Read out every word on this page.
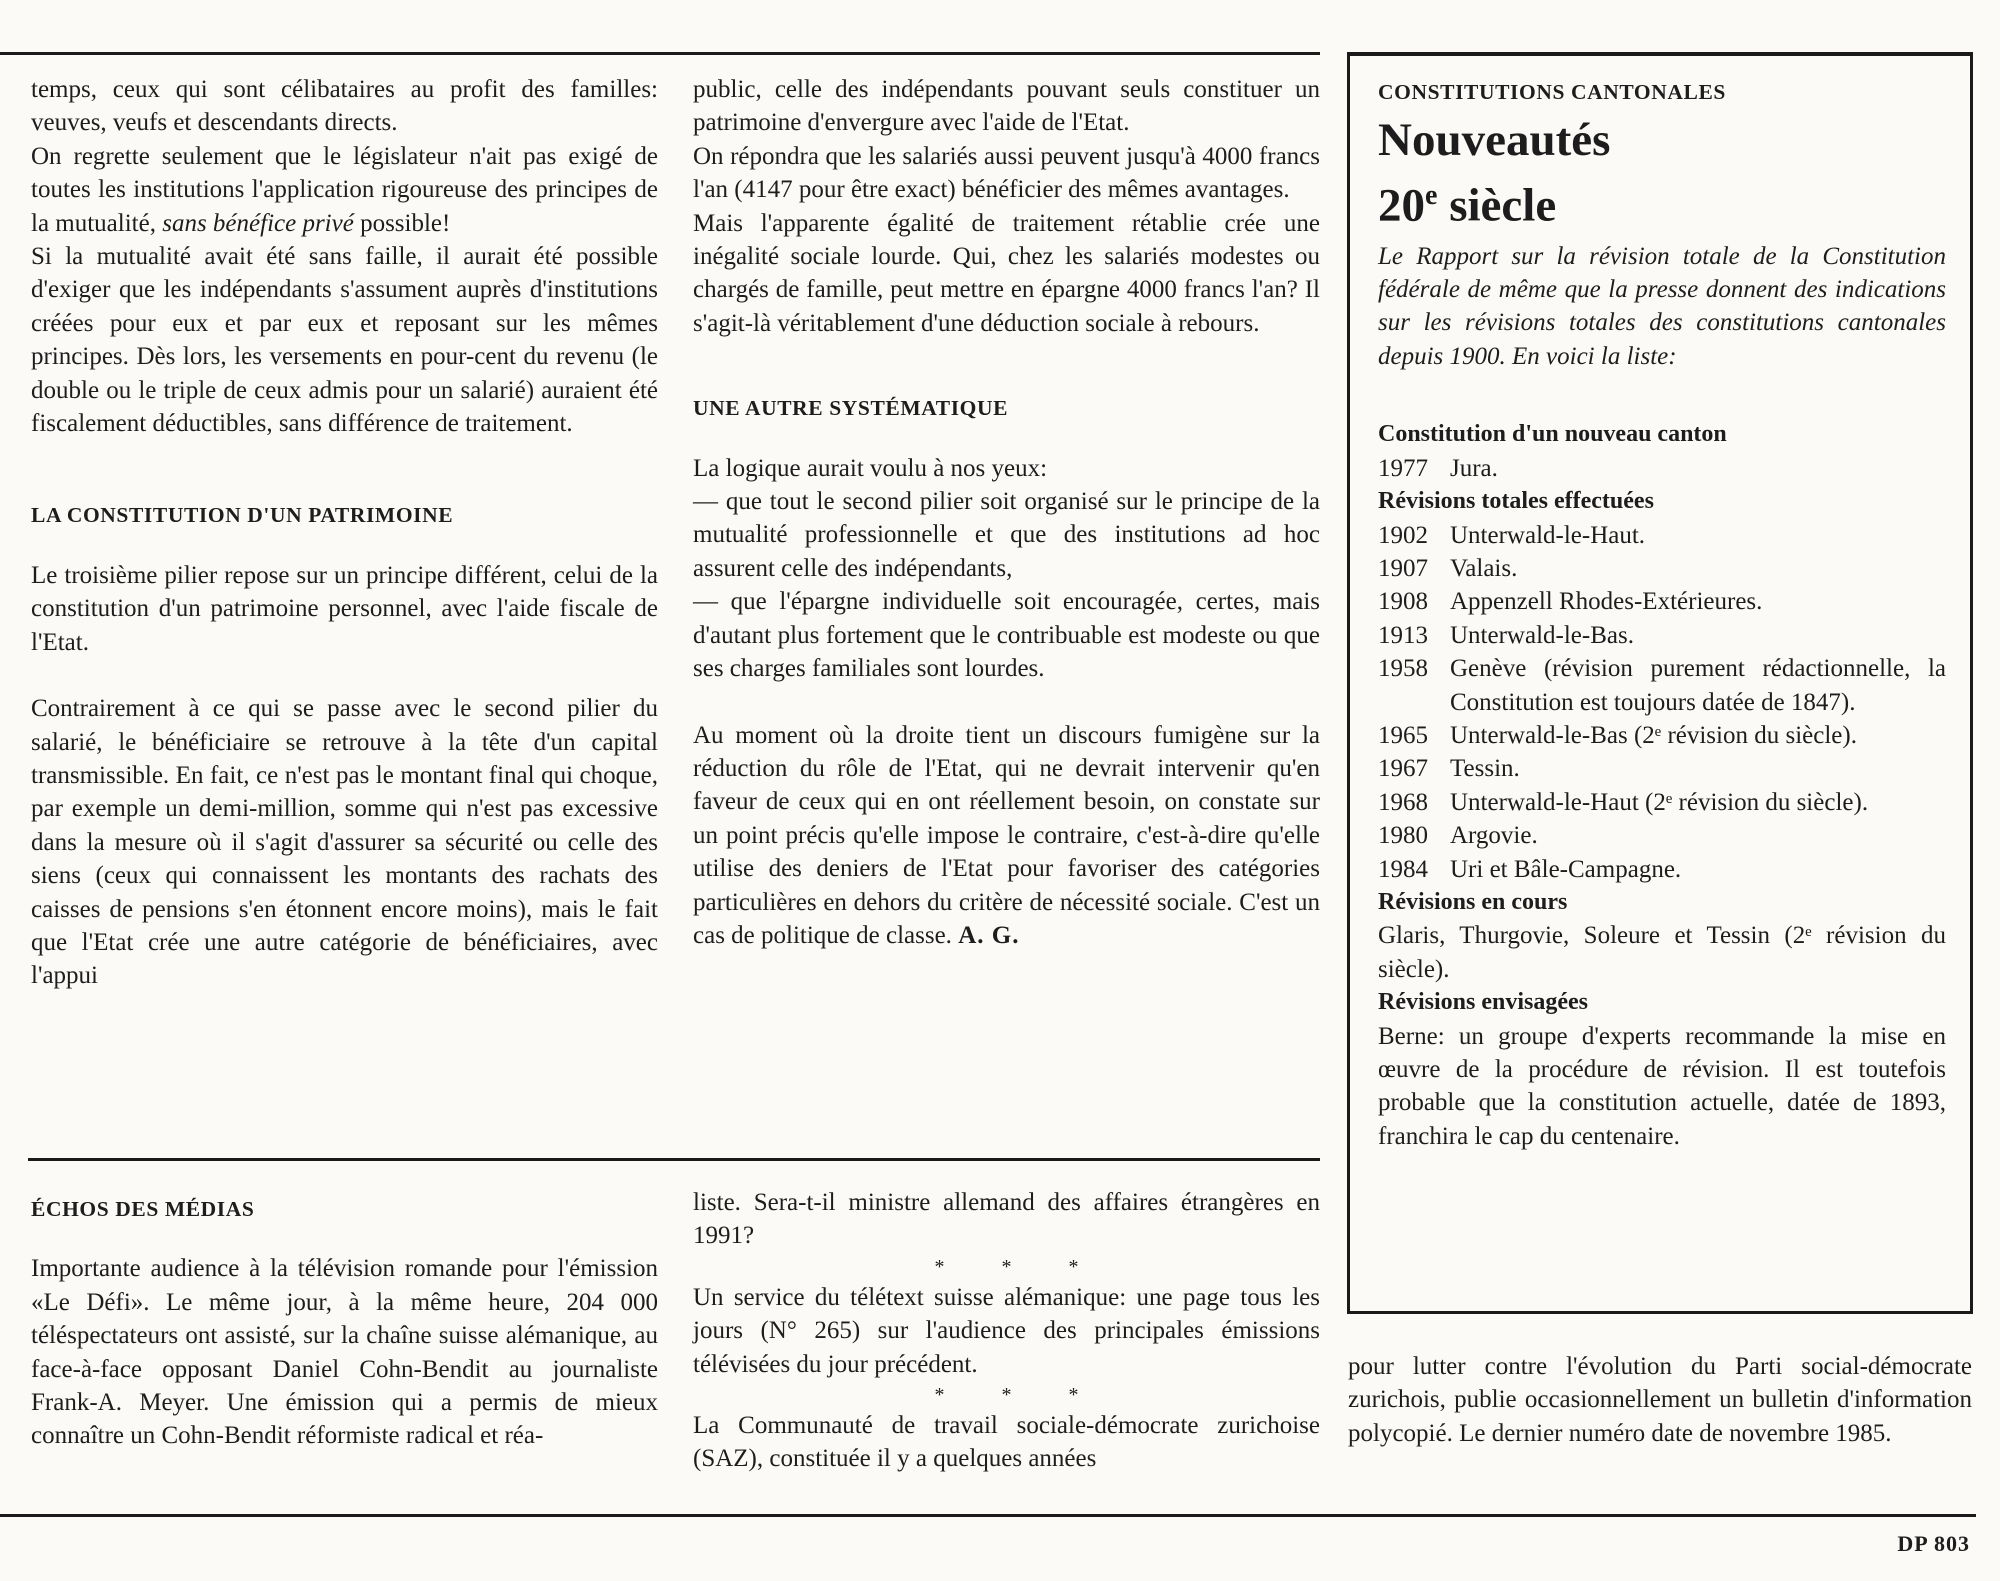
temps, ceux qui sont célibataires au profit des familles: veuves, veufs et descendants directs.

On regrette seulement que le législateur n'ait pas exigé de toutes les institutions l'application rigoureuse des principes de la mutualité, sans bénéfice privé possible!

Si la mutualité avait été sans faille, il aurait été possible d'exiger que les indépendants s'assument auprès d'institutions créées pour eux et par eux et reposant sur les mêmes principes. Dès lors, les versements en pour-cent du revenu (le double ou le triple de ceux admis pour un salarié) auraient été fiscalement déductibles, sans différence de traitement.

LA CONSTITUTION D'UN PATRIMOINE

Le troisième pilier repose sur un principe différent, celui de la constitution d'un patrimoine personnel, avec l'aide fiscale de l'Etat.

Contrairement à ce qui se passe avec le second pilier du salarié, le bénéficiaire se retrouve à la tête d'un capital transmissible. En fait, ce n'est pas le montant final qui choque, par exemple un demi-million, somme qui n'est pas excessive dans la mesure où il s'agit d'assurer sa sécurité ou celle des siens (ceux qui connaissent les montants des rachats des caisses de pensions s'en étonnent encore moins), mais le fait que l'Etat crée une autre catégorie de bénéficiaires, avec l'appui

public, celle des indépendants pouvant seuls constituer un patrimoine d'envergure avec l'aide de l'Etat.

On répondra que les salariés aussi peuvent jusqu'à 4000 francs l'an (4147 pour être exact) bénéficier des mêmes avantages.

Mais l'apparente égalité de traitement rétablie crée une inégalité sociale lourde. Qui, chez les salariés modestes ou chargés de famille, peut mettre en épargne 4000 francs l'an? Il s'agit-là véritablement d'une déduction sociale à rebours.

UNE AUTRE SYSTÉMATIQUE

La logique aurait voulu à nos yeux:

— que tout le second pilier soit organisé sur le principe de la mutualité professionnelle et que des institutions ad hoc assurent celle des indépendants,

— que l'épargne individuelle soit encouragée, certes, mais d'autant plus fortement que le contribuable est modeste ou que ses charges familiales sont lourdes.

Au moment où la droite tient un discours fumigène sur la réduction du rôle de l'Etat, qui ne devrait intervenir qu'en faveur de ceux qui en ont réellement besoin, on constate sur un point précis qu'elle impose le contraire, c'est-à-dire qu'elle utilise des deniers de l'Etat pour favoriser des catégories particulières en dehors du critère de nécessité sociale. C'est un cas de politique de classe. A. G.

CONSTITUTIONS CANTONALES
Nouveautés
20e siècle

Le Rapport sur la révision totale de la Constitution fédérale de même que la presse donnent des indications sur les révisions totales des constitutions cantonales depuis 1900. En voici la liste:

Constitution d'un nouveau canton
1977 Jura.
Révisions totales effectuées
1902 Unterwald-le-Haut.
1907 Valais.
1908 Appenzell Rhodes-Extérieures.
1913 Unterwald-le-Bas.
1958 Genève (révision purement rédactionnelle, la Constitution est toujours datée de 1847).
1965 Unterwald-le-Bas (2ᵉ révision du siècle).
1967 Tessin.
1968 Unterwald-le-Haut (2ᵉ révision du siècle).
1980 Argovie.
1984 Uri et Bâle-Campagne.
Révisions en cours

Glaris, Thurgovie, Soleure et Tessin (2ᵉ révision du siècle).

Révisions envisagées

Berne: un groupe d'experts recommande la mise en œuvre de la procédure de révision. Il est toutefois probable que la constitution actuelle, datée de 1893, franchira le cap du centenaire.

ÉCHOS DES MÉDIAS

Importante audience à la télévision romande pour l'émission «Le Défi». Le même jour, à la même heure, 204 000 téléspectateurs ont assisté, sur la chaîne suisse alémanique, au face-à-face opposant Daniel Cohn-Bendit au journaliste Frank-A. Meyer. Une émission qui a permis de mieux connaître un Cohn-Bendit réformiste radical et réa-

liste. Sera-t-il ministre allemand des affaires étrangères en 1991?

* * *

Un service du télétext suisse alémanique: une page tous les jours (N° 265) sur l'audience des principales émissions télévisées du jour précédent.

* * *

La Communauté de travail sociale-démocrate zurichoise (SAZ), constituée il y a quelques années

pour lutter contre l'évolution du Parti social-démocrate zurichois, publie occasionnellement un bulletin d'information polycopié. Le dernier numéro date de novembre 1985.

DP 803
